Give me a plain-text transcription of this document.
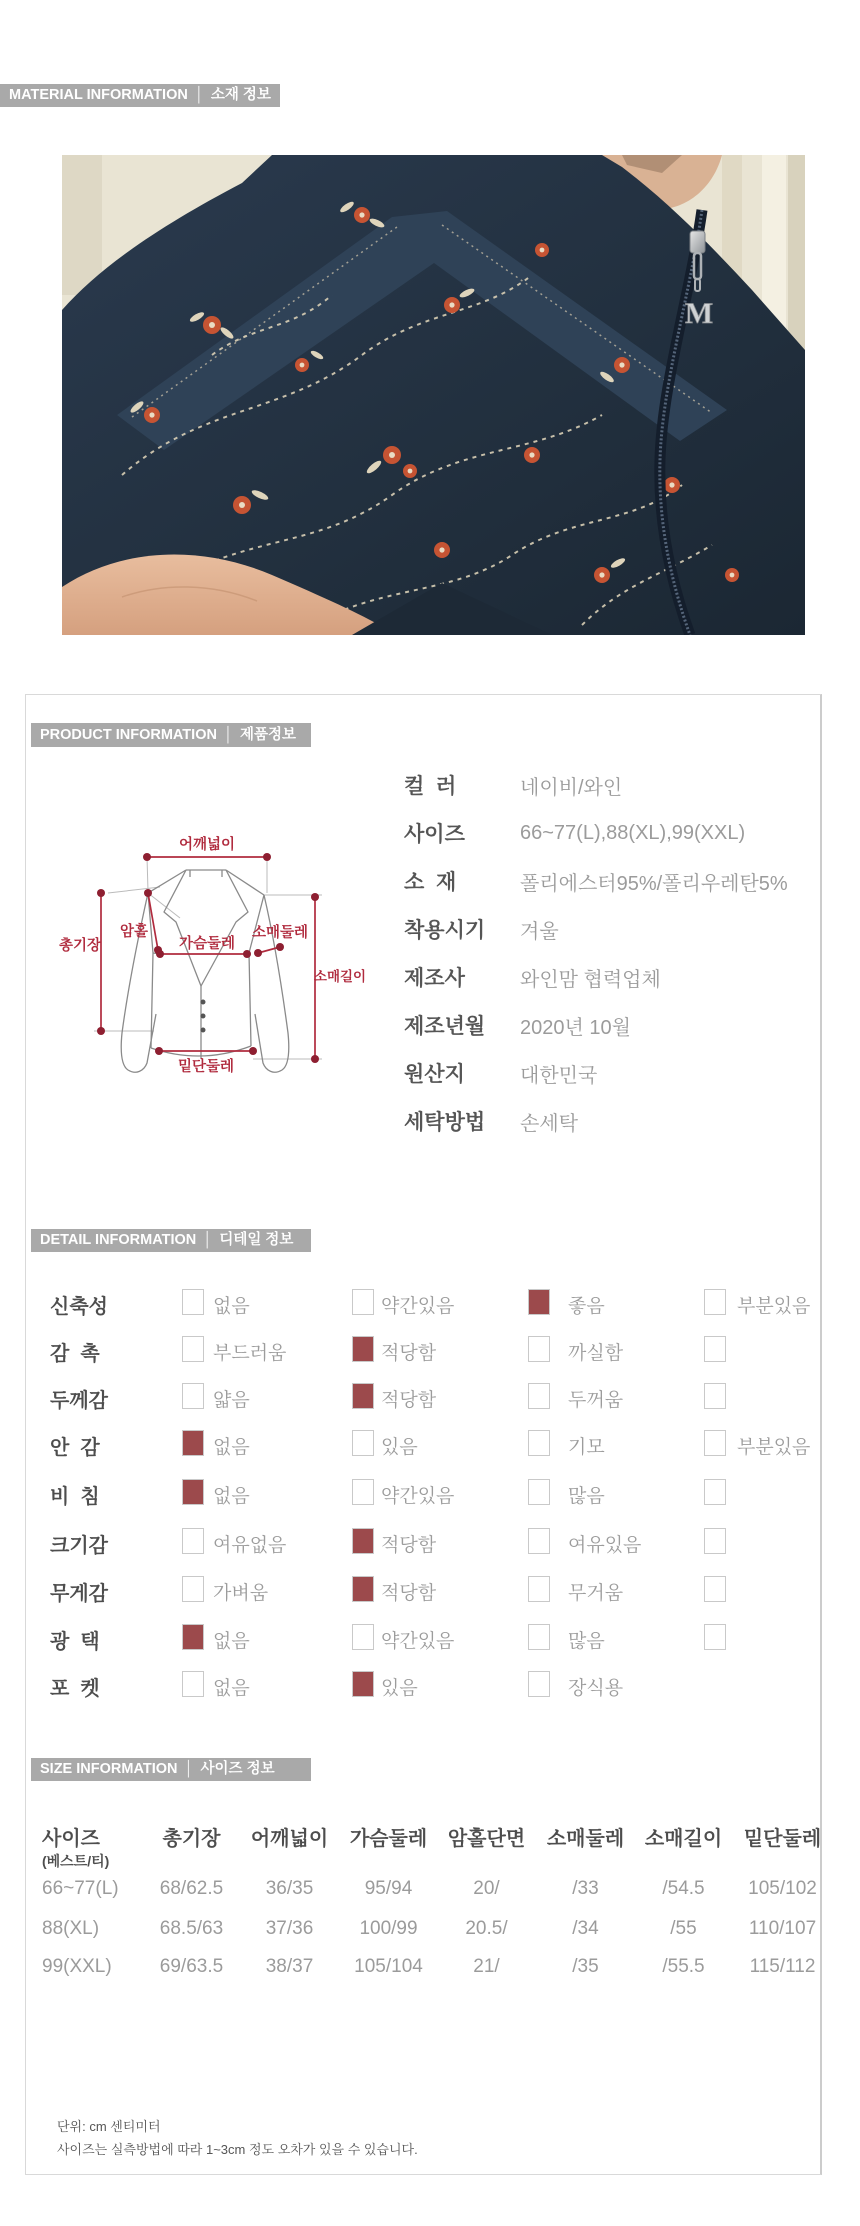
MATERIAL INFORMATION │ 소재 정보
M
PRODUCT INFORMATION │ 제품정보
어깨넓이
총기장
암홀
가슴둘레
소매둘레
소매길이
밑단둘레
컬  러	네이비/와인
사이즈	66~77(L),88(XL),99(XXL)
소  재	폴리에스터95%/폴리우레탄5%
착용시기	겨울
제조사	와인맘 협력업체
제조년월	2020년 10월
원산지	대한민국
세탁방법	손세탁
DETAIL INFORMATION │ 디테일 정보
신축성	없음	약간있음	좋음	부분있음
감  촉	부드러움	적당함	까실함
두께감	얇음	적당함	두꺼움
안  감	없음	있음	기모	부분있음
비  침	없음	약간있음	많음
크기감	여유없음	적당함	여유있음
무게감	가벼움	적당함	무거움
광  택	없음	약간있음	많음
포  켓	없음	있음	장식용
SIZE INFORMATION │ 사이즈 정보
사이즈	총기장	어깨넓이	가슴둘레	암홀단면	소매둘레	소매길이	밑단둘레
(베스트/티)
66~77(L)	68/62.5	36/35	95/94	20/	/33	/54.5	105/102
88(XL)	68.5/63	37/36	100/99	20.5/	/34	/55	110/107
99(XXL)	69/63.5	38/37	105/104	21/	/35	/55.5	115/112
단위: cm 센티미터
사이즈는 실측방법에 따라 1~3cm 정도 오차가 있을 수 있습니다.
